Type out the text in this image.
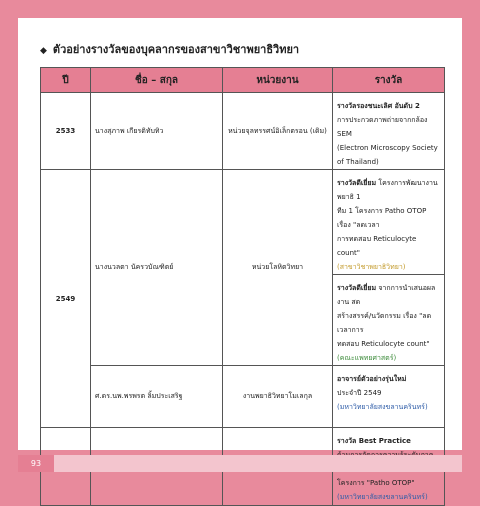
◆ ตัวอย่างรางวัลของบุคลากรของสาขาวิชาพยาธิวิทยา
ปี	ชื่อ – สกุล	หน่วยงาน	รางวัล
2533	นางสุภาพ เกียรติทับทิว	หน่วยจุลทรรศน์อิเล็กตรอน (เดิม)	รางวัลรองชนะเลิศ อันดับ 2
การประกวดภาพถ่ายจากกล้อง SEM
(Electron Microscopy Society of Thailand)
2549	นางนวลตา นัครวบัณฑิตย์	หน่วยโลหิตวิทยา	รางวัลดีเยี่ยม โครงการพัฒนางาน พยาธิ 1
ทีม 1 โครงการ Patho OTOP เรื่อง "ลดเวลา
การทดสอบ Reticulocyte count"
(สาขาวิชาพยาธิวิทยา)
			รางวัลดีเยี่ยม จากการนำเสนอผลงาน สด
สร้างสรรค์/นวัตกรรม เรื่อง "ลดเวลาการ
ทดสอบ Reticulocyte count"
(คณะแพทยศาสตร์)
	ศ.ดร.นพ.พรพรต ลิ้มประเสริฐ	งานพยาธิวิทยาโมเลกุล	อาจารย์ตัวอย่างรุ่นใหม่
ประจำปี 2549
(มหาวิทยาลัยสงขลานครินทร์)
			รางวัล Best Practice

โครงการ "Patho OTOP"
(มหาวิทยาลัยสงขลานครินทร์)
93
